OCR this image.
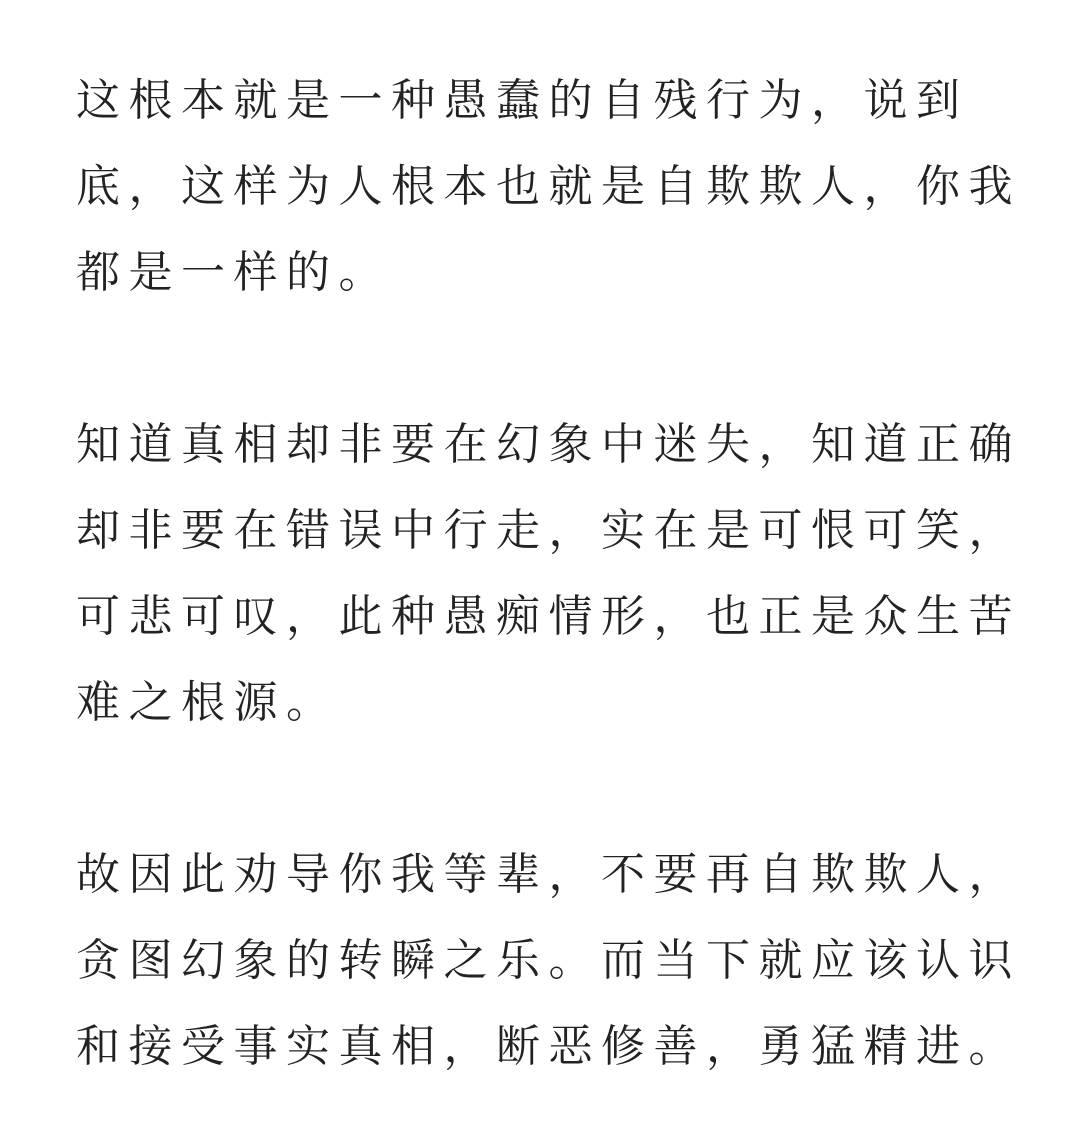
这根本就是一种愚蠢的自残行为，说到
底，这样为人根本也就是自欺欺人，你我
都是一样的。

知道真相却非要在幻象中迷失，知道正确
却非要在错误中行走，实在是可恨可笑，
可悲可叹，此种愚痴情形，也正是众生苦
难之根源。

故因此劝导你我等辈，不要再自欺欺人，
贪图幻象的转瞬之乐。而当下就应该认识
和接受事实真相，断恶修善，勇猛精进。
